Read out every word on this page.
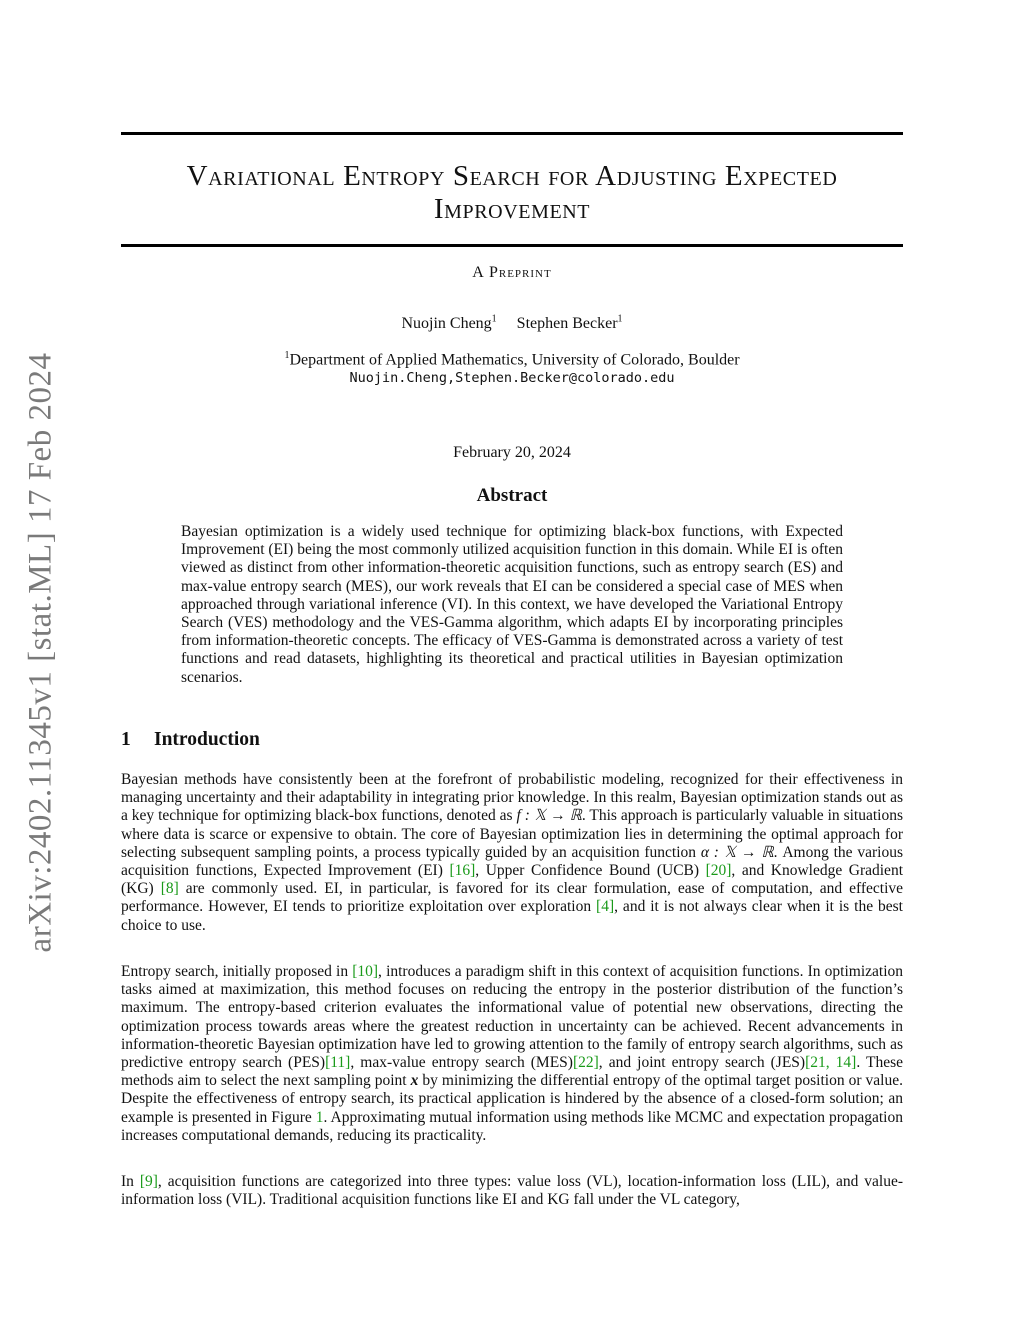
arXiv:2402.11345v1 [stat.ML] 17 Feb 2024
Variational Entropy Search for Adjusting Expected Improvement
A Preprint
Nuojin Cheng$^1$ Stephen Becker$^1$
$^1$Department of Applied Mathematics, University of Colorado, Boulder
Nuojin.Cheng,Stephen.Becker@colorado.edu
February 20, 2024
Abstract

Bayesian optimization is a widely used technique for optimizing black-box functions, with Expected Improvement (EI) being the most commonly utilized acquisition function in this domain. While EI is often viewed as distinct from other information-theoretic acquisition functions, such as entropy search (ES) and max-value entropy search (MES), our work reveals that EI can be considered a special case of MES when approached through variational inference (VI). In this context, we have developed the Variational Entropy Search (VES) methodology and the VES-Gamma algorithm, which adapts EI by incorporating principles from information-theoretic concepts. The efficacy of VES-Gamma is demonstrated across a variety of test functions and read datasets, highlighting its theoretical and practical utilities in Bayesian optimization scenarios.

1 Introduction

Bayesian methods have consistently been at the forefront of probabilistic modeling, recognized for their effectiveness in managing uncertainty and their adaptability in integrating prior knowledge. In this realm, Bayesian optimization stands out as a key technique for optimizing black-box functions, denoted as f : 𝕏 → ℝ. This approach is particularly valuable in situations where data is scarce or expensive to obtain. The core of Bayesian optimization lies in determining the optimal approach for selecting subsequent sampling points, a process typically guided by an acquisition function α : 𝕏 → ℝ. Among the various acquisition functions, Expected Improvement (EI) [16], Upper Confidence Bound (UCB) [20], and Knowledge Gradient (KG) [8] are commonly used. EI, in particular, is favored for its clear formulation, ease of computation, and effective performance. However, EI tends to prioritize exploitation over exploration [4], and it is not always clear when it is the best choice to use.

Entropy search, initially proposed in [10], introduces a paradigm shift in this context of acquisition functions. In optimization tasks aimed at maximization, this method focuses on reducing the entropy in the posterior distribution of the function’s maximum. The entropy-based criterion evaluates the informational value of potential new observations, directing the optimization process towards areas where the greatest reduction in uncertainty can be achieved. Recent advancements in information-theoretic Bayesian optimization have led to growing attention to the family of entropy search algorithms, such as predictive entropy search (PES)[11], max-value entropy search (MES)[22], and joint entropy search (JES)[21, 14]. These methods aim to select the next sampling point x by minimizing the differential entropy of the optimal target position or value. Despite the effectiveness of entropy search, its practical application is hindered by the absence of a closed-form solution; an example is presented in Figure 1. Approximating mutual information using methods like MCMC and expectation propagation increases computational demands, reducing its practicality.

In [9], acquisition functions are categorized into three types: value loss (VL), location-information loss (LIL), and value-information loss (VIL). Traditional acquisition functions like EI and KG fall under the VL category,
